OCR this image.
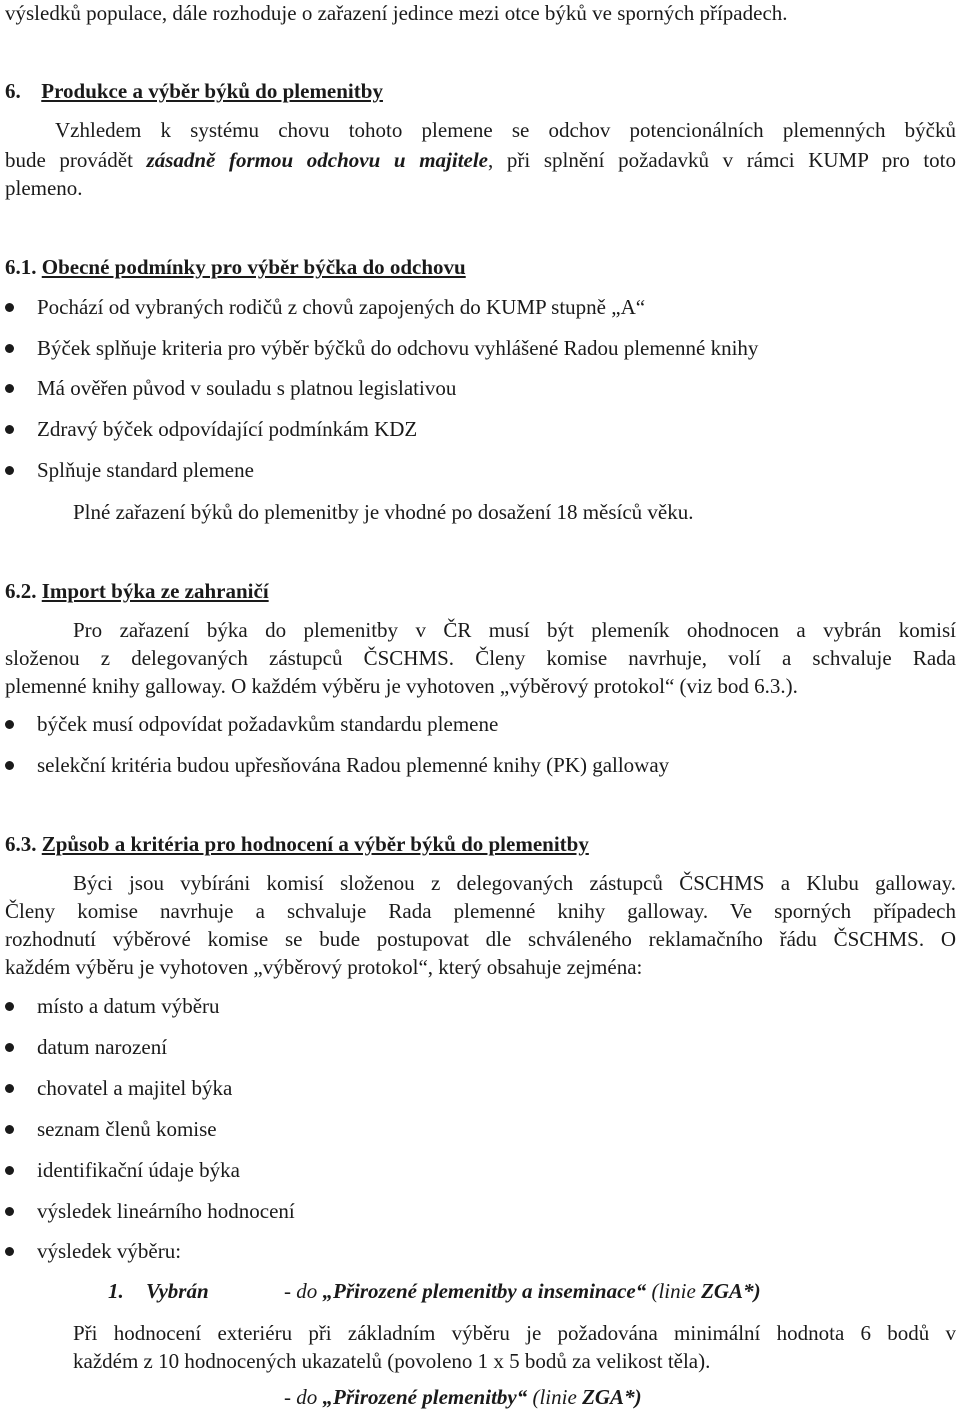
výsledků populace, dále rozhoduje o zařazení jedince mezi otce býků ve sporných případech.
6. Produkce a výběr býků do plemenitby
Vzhledem k systému chovu tohoto plemene se odchov potencionálních plemenných býčků
bude provádět zásadně formou odchovu u majitele, při splnění požadavků v rámci KUMP pro toto
plemeno.
6.1. Obecné podmínky pro výběr býčka do odchovu
Pochází od vybraných rodičů z chovů zapojených do KUMP stupně „A“
Býček splňuje kriteria pro výběr býčků do odchovu vyhlášené Radou plemenné knihy
Má ověřen původ v souladu s platnou legislativou
Zdravý býček odpovídající podmínkám KDZ
Splňuje standard plemene
Plné zařazení býků do plemenitby je vhodné po dosažení 18 měsíců věku.
6.2. Import býka ze zahraničí
Pro zařazení býka do plemenitby v ČR musí být plemeník ohodnocen a vybrán komisí
složenou z delegovaných zástupců ČSCHMS. Členy komise navrhuje, volí a schvaluje Rada
plemenné knihy galloway. O každém výběru je vyhotoven „výběrový protokol“ (viz bod 6.3.).
býček musí odpovídat požadavkům standardu plemene
selekční kritéria budou upřesňována Radou plemenné knihy (PK) galloway
6.3. Způsob a kritéria pro hodnocení a výběr býků do plemenitby
Býci jsou vybíráni komisí složenou z delegovaných zástupců ČSCHMS a Klubu galloway.
Členy komise navrhuje a schvaluje Rada plemenné knihy galloway. Ve sporných případech
rozhodnutí výběrové komise se bude postupovat dle schváleného reklamačního řádu ČSCHMS. O
každém výběru je vyhotoven „výběrový protokol“, který obsahuje zejména:
místo a datum výběru
datum narození
chovatel a majitel býka
seznam členů komise
identifikační údaje býka
výsledek lineárního hodnocení
výsledek výběru:
1. Vybrán	- do „Přirozené plemenitby a inseminace“ (linie ZGA*)
Při hodnocení exteriéru při základním výběru je požadována minimální hodnota 6 bodů v
každém z 10 hodnocených ukazatelů (povoleno 1 x 5 bodů za velikost těla).
- do „Přirozené plemenitby“ (linie ZGA*)
